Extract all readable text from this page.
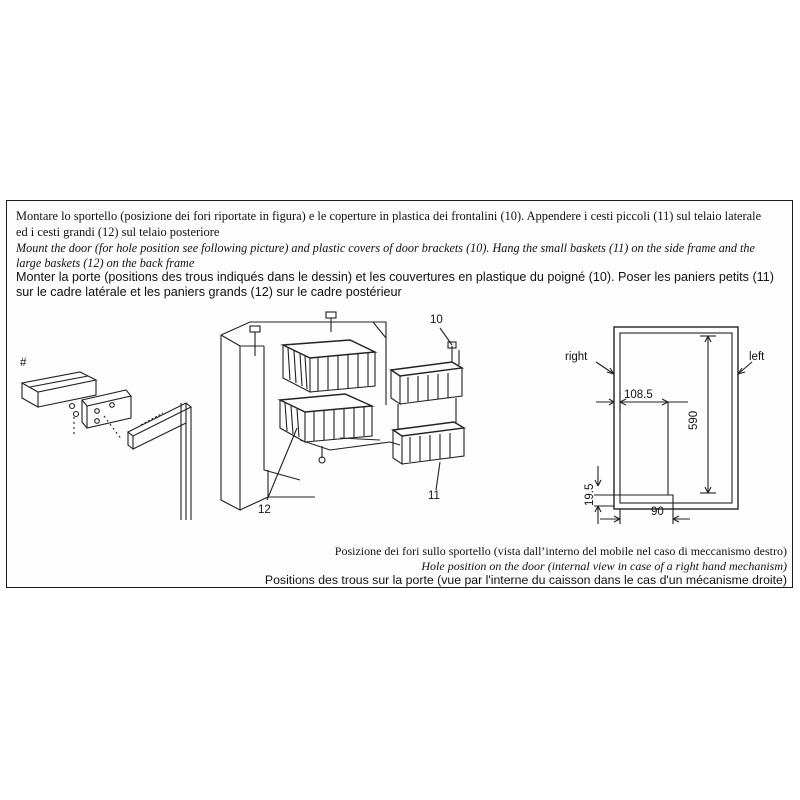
Montare lo sportello (posizione dei fori riportate in figura) e le coperture in plastica dei frontalini (10). Appendere i cesti piccoli (11) sul telaio laterale
ed i cesti grandi (12) sul telaio posteriore
Mount the door (for hole position see following picture) and plastic covers of door brackets (10). Hang the small baskets (11) on the side frame and the
large baskets (12) on the back frame
Monter la porte (positions des trous indiqués dans le dessin) et les couvertures en plastique du poigné (10). Poser les paniers petits (11)
sur le cadre latérale et les paniers grands (12) sur le cadre postérieur
#
10
11
12
right	left
108.5
590
19.5
90
Posizione dei fori sullo sportello (vista dall’interno del mobile nel caso di meccanismo destro)
Hole position on the door (internal view in case of a right hand mechanism)
Positions des trous sur la porte (vue par l'interne du caisson dans le cas d'un mécanisme droite)
